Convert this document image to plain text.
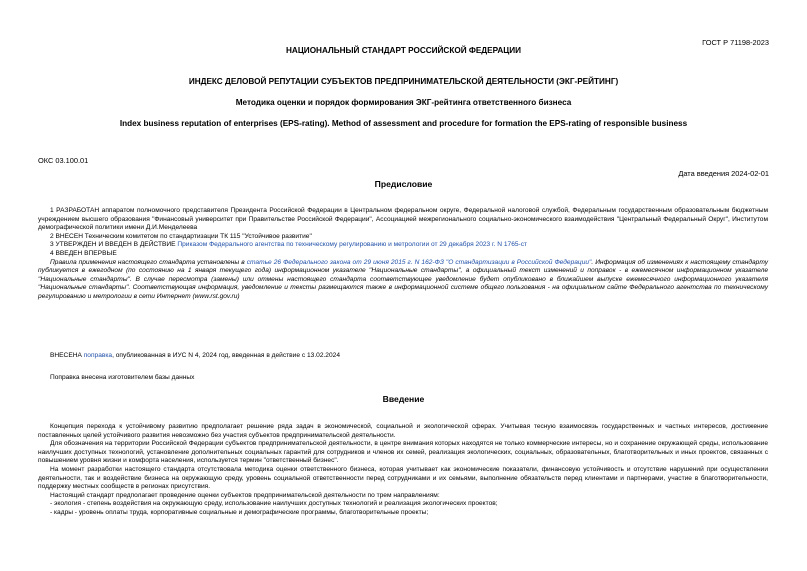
ГОСТ Р 71198-2023
НАЦИОНАЛЬНЫЙ СТАНДАРТ РОССИЙСКОЙ ФЕДЕРАЦИИ
ИНДЕКС ДЕЛОВОЙ РЕПУТАЦИИ СУБЪЕКТОВ ПРЕДПРИНИМАТЕЛЬСКОЙ ДЕЯТЕЛЬНОСТИ (ЭКГ-РЕЙТИНГ)
Методика оценки и порядок формирования ЭКГ-рейтинга ответственного бизнеса
Index business reputation of enterprises (EPS-rating). Method of assessment and procedure for formation the EPS-rating of responsible business
ОКС 03.100.01
Дата введения 2024-02-01
Предисловие

1 РАЗРАБОТАН аппаратом полномочного представителя Президента Российской Федерации в Центральном федеральном округе, Федеральной налоговой службой, Федеральным государственным образовательным бюджетным учреждением высшего образования "Финансовый университет при Правительстве Российской Федерации", Ассоциацией межрегионального социально-экономического взаимодействия "Центральный Федеральный Округ", Институтом демографической политики имени Д.И.Менделеева

2 ВНЕСЕН Техническим комитетом по стандартизации ТК 115 "Устойчивое развитие"

3 УТВЕРЖДЕН И ВВЕДЕН В ДЕЙСТВИЕ Приказом Федерального агентства по техническому регулированию и метрологии от 29 декабря 2023 г. N 1765-ст

4 ВВЕДЕН ВПЕРВЫЕ

Правила применения настоящего стандарта установлены в статье 26 Федерального закона от 29 июня 2015 г. N 162-ФЗ "О стандартизации в Российской Федерации". Информация об изменениях к настоящему стандарту публикуется в ежегодном (по состоянию на 1 января текущего года) информационном указателе "Национальные стандарты", а официальный текст изменений и поправок - в ежемесячном информационном указателе "Национальные стандарты". В случае пересмотра (замены) или отмены настоящего стандарта соответствующее уведомление будет опубликовано в ближайшем выпуске ежемесячного информационного указателя "Национальные стандарты". Соответствующая информация, уведомление и тексты размещаются также в информационной системе общего пользования - на официальном сайте Федерального агентства по техническому регулированию и метрологии в сети Интернет (www.rst.gov.ru)

ВНЕСЕНА поправка, опубликованная в ИУС N 4, 2024 год, введенная в действие с 13.02.2024

Поправка внесена изготовителем базы данных
Введение

Концепция перехода к устойчивому развитию предполагает решение ряда задач в экономической, социальной и экологической сферах. Учитывая тесную взаимосвязь государственных и частных интересов, достижение поставленных целей устойчивого развития невозможно без участия субъектов предпринимательской деятельности.

Для обозначения на территории Российской Федерации субъектов предпринимательской деятельности, в центре внимания которых находятся не только коммерческие интересы, но и сохранение окружающей среды, использование наилучших доступных технологий, установление дополнительных социальных гарантий для сотрудников и членов их семей, реализация экологических, социальных, образовательных, благотворительных и иных проектов, связанных с повышением уровня жизни и комфорта населения, используется термин "ответственный бизнес".

На момент разработки настоящего стандарта отсутствовала методика оценки ответственного бизнеса, которая учитывает как экономические показатели, финансовую устойчивость и отсутствие нарушений при осуществлении деятельности, так и воздействие бизнеса на окружающую среду, уровень социальной ответственности перед сотрудниками и их семьями, выполнение обязательств перед клиентами и партнерами, участие в благотворительности, поддержку местных сообществ в регионах присутствия.

Настоящий стандарт предполагает проведение оценки субъектов предпринимательской деятельности по трем направлениям:

- экология - степень воздействия на окружающую среду, использование наилучших доступных технологий и реализация экологических проектов;

- кадры - уровень оплаты труда, корпоративные социальные и демографические программы, благотворительные проекты;
